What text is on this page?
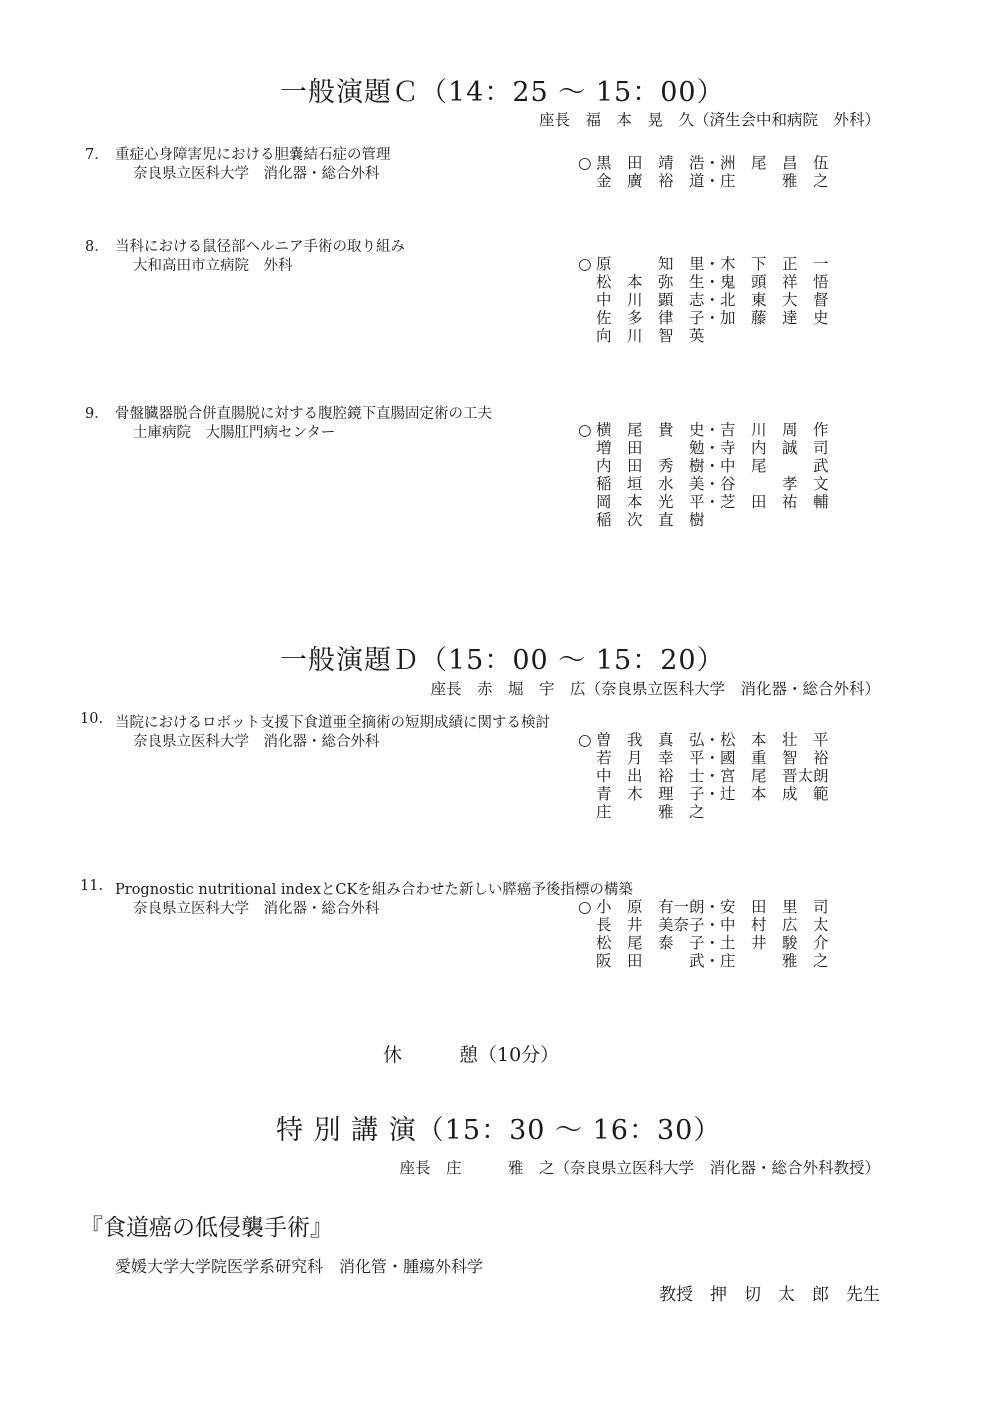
一般演題Ｃ（14：25 〜 15：00）
座長　福　本　晃　久（済生会中和病院　外科）
7． 重症心身障害児における胆嚢結石症の管理
奈良県立医科大学　消化器・総合外科
○ 黒　田　靖　浩・洲　尾　昌　伍
金　廣　裕　道・庄　　　雅　之
8． 当科における鼠径部ヘルニア手術の取り組み
大和高田市立病院　外科	○ 原　　　知　里・木　下　正　一
松　本　弥　生・鬼　頭　祥　悟
中　川　顕　志・北　東　大　督
佐　多　律　子・加　藤　達　史
向　川　智　英
9． 骨盤臓器脱合併直腸脱に対する腹腔鏡下直腸固定術の工夫
土庫病院　大腸肛門病センター	○ 横　尾　貴　史・吉　川　周　作
増　田　　　勉・寺　内　誠　司
内　田　秀　樹・中　尾　　　武
稲　垣　水　美・谷　　　孝　文
岡　本　光　平・芝　田　祐　輔
稲　次　直　樹
一般演題Ｄ（15：00 〜 15：20）
座長　赤　堀　宇　広（奈良県立医科大学　消化器・総合外科）
10. 当院におけるロボット支援下食道亜全摘術の短期成績に関する検討
奈良県立医科大学　消化器・総合外科	○ 曽　我　真　弘・松　本　壮　平
若　月　幸　平・國　重　智　裕
中　出　裕　士・宮　尾　晋太朗
青　木　理　子・辻　本　成　範
庄　　　雅　之
11. Prognostic nutritional indexとCKを組み合わせた新しい膵癌予後指標の構築
奈良県立医科大学　消化器・総合外科	○ 小　原　有一朗・安　田　里　司
長　井　美奈子・中　村　広　太
松　尾　泰　子・土　井　駿　介
阪　田　　　武・庄　　　雅　之
休　　　憩（10分）
特 別 講 演（15：30 〜 16：30）
座長　庄　　　雅　之（奈良県立医科大学　消化器・総合外科教授）
『食道癌の低侵襲手術』
愛媛大学大学院医学系研究科　消化管・腫瘍外科学
教授　押　切　太　郎　先生
